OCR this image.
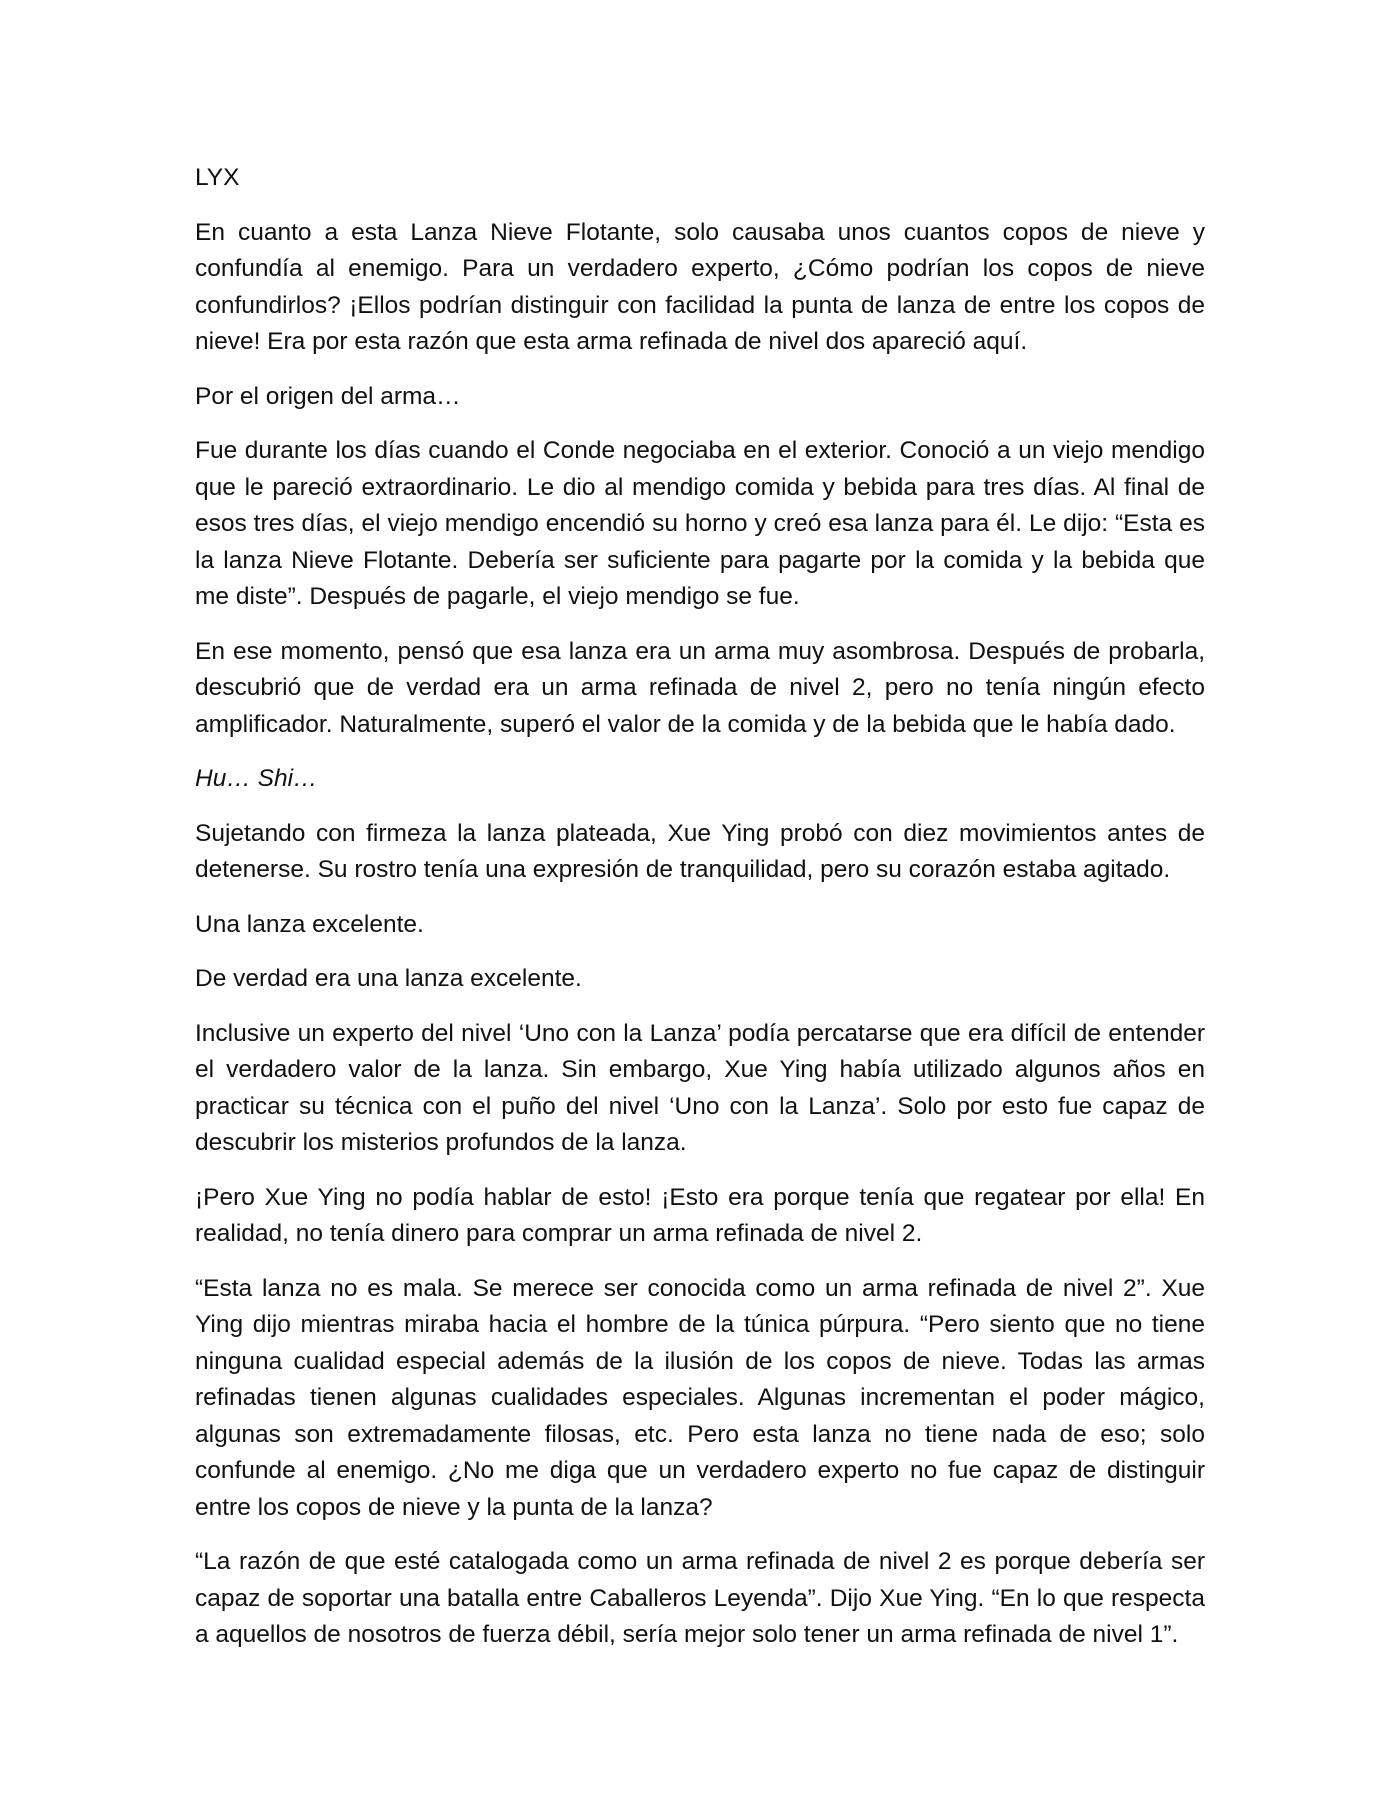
LYX

En cuanto a esta Lanza Nieve Flotante, solo causaba unos cuantos copos de nieve y confundía al enemigo. Para un verdadero experto, ¿Cómo podrían los copos de nieve confundirlos? ¡Ellos podrían distinguir con facilidad la punta de lanza de entre los copos de nieve! Era por esta razón que esta arma refinada de nivel dos apareció aquí.

Por el origen del arma…

Fue durante los días cuando el Conde negociaba en el exterior. Conoció a un viejo mendigo que le pareció extraordinario. Le dio al mendigo comida y bebida para tres días. Al final de esos tres días, el viejo mendigo encendió su horno y creó esa lanza para él. Le dijo: “Esta es la lanza Nieve Flotante. Debería ser suficiente para pagarte por la comida y la bebida que me diste”. Después de pagarle, el viejo mendigo se fue.

En ese momento, pensó que esa lanza era un arma muy asombrosa. Después de probarla, descubrió que de verdad era un arma refinada de nivel 2, pero no tenía ningún efecto amplificador. Naturalmente, superó el valor de la comida y de la bebida que le había dado.

Hu… Shi…

Sujetando con firmeza la lanza plateada, Xue Ying probó con diez movimientos antes de detenerse. Su rostro tenía una expresión de tranquilidad, pero su corazón estaba agitado.

Una lanza excelente.

De verdad era una lanza excelente.

Inclusive un experto del nivel ‘Uno con la Lanza’ podía percatarse que era difícil de entender el verdadero valor de la lanza. Sin embargo, Xue Ying había utilizado algunos años en practicar su técnica con el puño del nivel ‘Uno con la Lanza’. Solo por esto fue capaz de descubrir los misterios profundos de la lanza.

¡Pero Xue Ying no podía hablar de esto! ¡Esto era porque tenía que regatear por ella! En realidad, no tenía dinero para comprar un arma refinada de nivel 2.

“Esta lanza no es mala. Se merece ser conocida como un arma refinada de nivel 2”. Xue Ying dijo mientras miraba hacia el hombre de la túnica púrpura. “Pero siento que no tiene ninguna cualidad especial además de la ilusión de los copos de nieve. Todas las armas refinadas tienen algunas cualidades especiales. Algunas incrementan el poder mágico, algunas son extremadamente filosas, etc. Pero esta lanza no tiene nada de eso; solo confunde al enemigo. ¿No me diga que un verdadero experto no fue capaz de distinguir entre los copos de nieve y la punta de la lanza?

“La razón de que esté catalogada como un arma refinada de nivel 2 es porque debería ser capaz de soportar una batalla entre Caballeros Leyenda”. Dijo Xue Ying. “En lo que respecta a aquellos de nosotros de fuerza débil, sería mejor solo tener un arma refinada de nivel 1”.
